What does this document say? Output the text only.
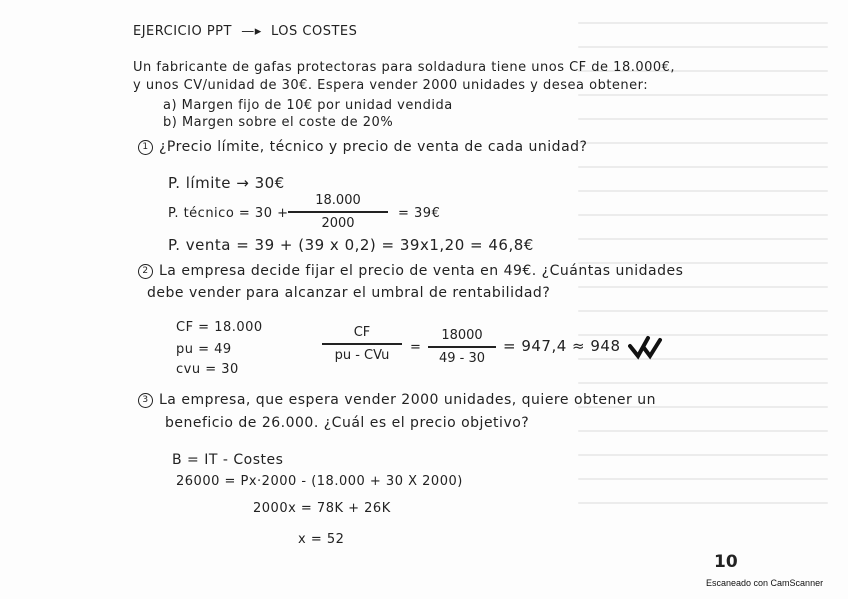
EJERCICIO PPT —▸ LOS COSTES
Un fabricante de gafas protectoras para soldadura tiene unos CF de 18.000€,
y unos CV/unidad de 30€. Espera vender 2000 unidades y desea obtener:
a) Margen fijo de 10€ por unidad vendida
b) Margen sobre el coste de 20%
1 ¿Precio límite, técnico y precio de venta de cada unidad?
P. límite → 30€
P. técnico = 30 +
18.000
2000
= 39€
P. venta = 39 + (39 x 0,2) = 39x1,20 = 46,8€
2 La empresa decide fijar el precio de venta en 49€. ¿Cuántas unidades
debe vender para alcanzar el umbral de rentabilidad?
CF = 18.000
pu = 49
cvu = 30
CF
pu - CVu	=
18000
49 - 30
= 947,4 ≈ 948
3 La empresa, que espera vender 2000 unidades, quiere obtener un
beneficio de 26.000. ¿Cuál es el precio objetivo?
B = IT - Costes
26000 = Px·2000 - (18.000 + 30 X 2000)
2000x = 78K + 26K
x = 52
10
Escaneado con CamScanner
